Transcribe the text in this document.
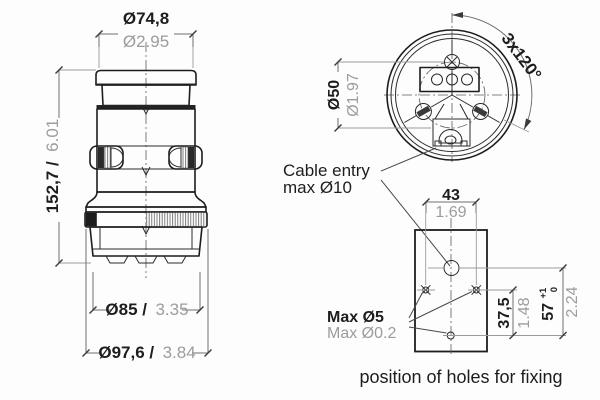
Ø74,8
Ø2.95
152,7 / 6.01
Ø85 / 3.35
Ø97,6 / 3.84
Ø50 Ø1.97
3x120°
Cable entry
max Ø10	43
1.69
37,5 1.48 57 $^{+1}$ 0 2.24
Max Ø5
Max Ø0.2
position of holes for fixing
